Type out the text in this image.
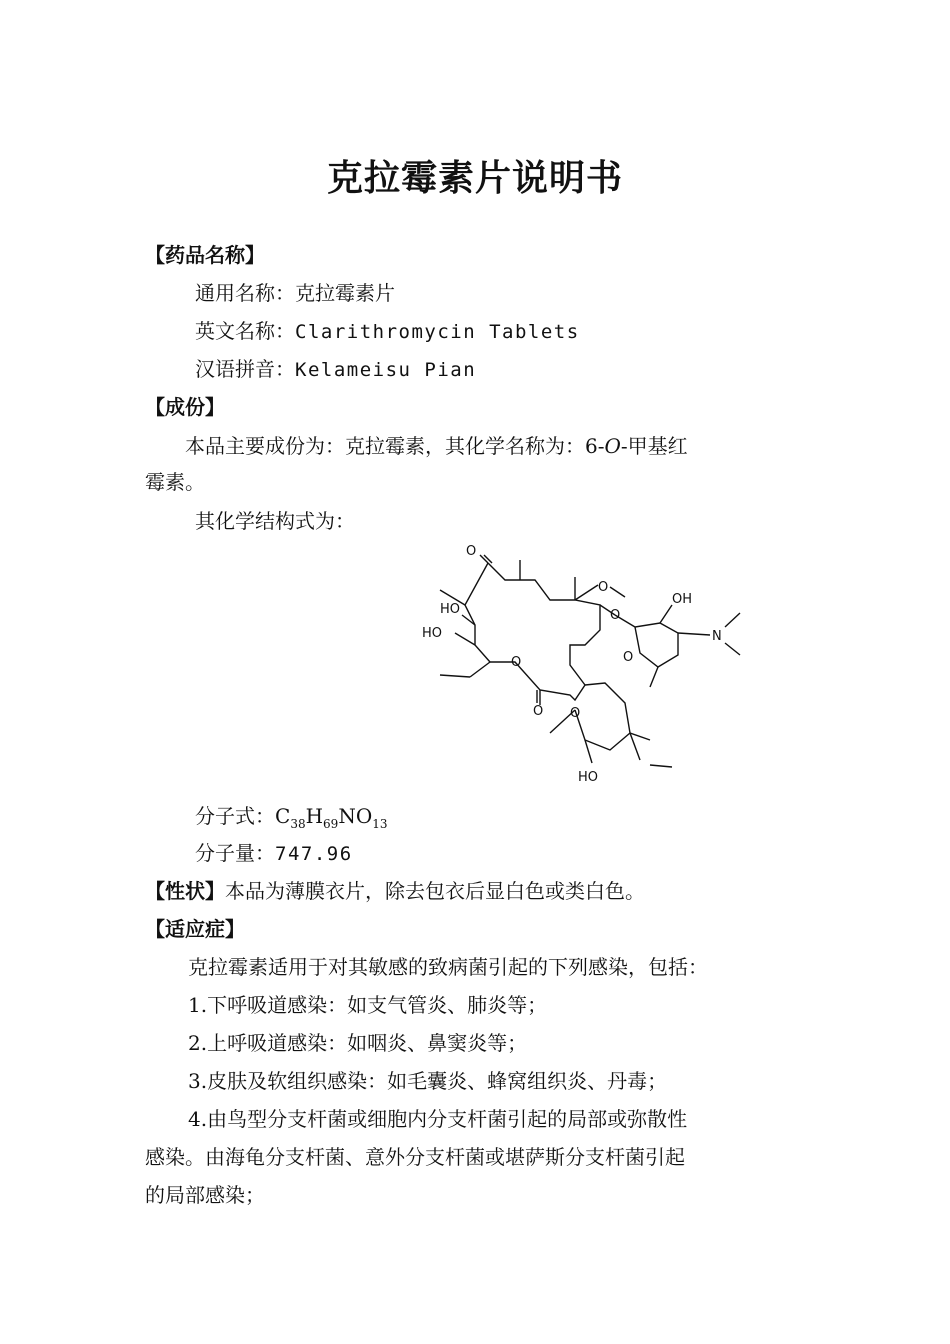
克拉霉素片说明书
【药品名称】
通用名称：克拉霉素片
英文名称：Clarithromycin Tablets
汉语拼音：Kelameisu Pian
【成份】
本品主要成份为：克拉霉素，其化学名称为：6-O-甲基红
霉素。
其化学结构式为：
O
O
O
O
O
O O
HO
HO
OH
HO
N
分子式：$C_{38}H_{69}NO_{13}$
分子量：747.96
【性状】本品为薄膜衣片，除去包衣后显白色或类白色。
【适应症】
克拉霉素适用于对其敏感的致病菌引起的下列感染，包括：
1.下呼吸道感染：如支气管炎、肺炎等；
2.上呼吸道感染：如咽炎、鼻窦炎等；
3.皮肤及软组织感染：如毛囊炎、蜂窝组织炎、丹毒；
4.由鸟型分支杆菌或细胞内分支杆菌引起的局部或弥散性
感染。由海龟分支杆菌、意外分支杆菌或堪萨斯分支杆菌引起
的局部感染；
